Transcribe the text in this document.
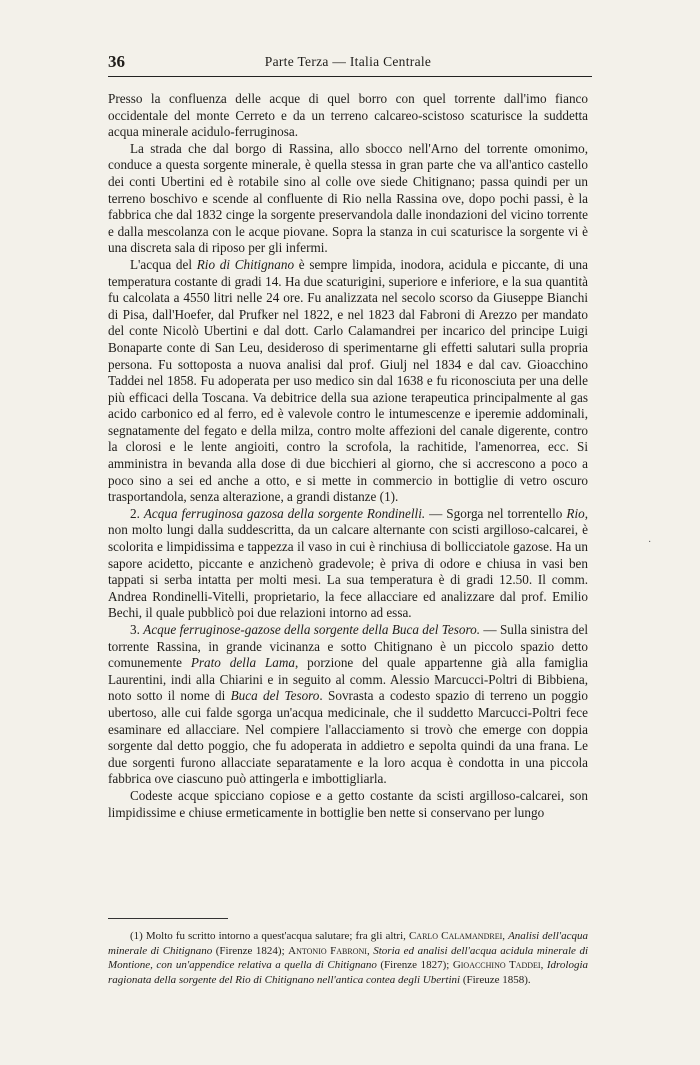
36	Parte Terza — Italia Centrale

Presso la confluenza delle acque di quel borro con quel torrente dall'imo fianco occidentale del monte Cerreto e da un terreno calcareo-scistoso scaturisce la suddetta acqua minerale acidulo-ferruginosa.

La strada che dal borgo di Rassina, allo sbocco nell'Arno del torrente omonimo, conduce a questa sorgente minerale, è quella stessa in gran parte che va all'antico castello dei conti Ubertini ed è rotabile sino al colle ove siede Chitignano; passa quindi per un terreno boschivo e scende al confluente di Rio nella Rassina ove, dopo pochi passi, è la fabbrica che dal 1832 cinge la sorgente preservandola dalle inondazioni del vicino torrente e dalla mescolanza con le acque piovane. Sopra la stanza in cui scaturisce la sorgente vi è una discreta sala di riposo per gli infermi.

L'acqua del Rio di Chitignano è sempre limpida, inodora, acidula e piccante, di una temperatura costante di gradi 14. Ha due scaturigini, superiore e inferiore, e la sua quantità fu calcolata a 4550 litri nelle 24 ore. Fu analizzata nel secolo scorso da Giuseppe Bianchi di Pisa, dall'Hoefer, dal Prufker nel 1822, e nel 1823 dal Fabroni di Arezzo per mandato del conte Nicolò Ubertini e dal dott. Carlo Calamandrei per incarico del principe Luigi Bonaparte conte di San Leu, desideroso di sperimentarne gli effetti salutari sulla propria persona. Fu sottoposta a nuova analisi dal prof. Giulj nel 1834 e dal cav. Gioacchino Taddei nel 1858. Fu adoperata per uso medico sin dal 1638 e fu riconosciuta per una delle più efficaci della Toscana. Va debitrice della sua azione terapeutica principalmente al gas acido carbonico ed al ferro, ed è valevole contro le intumescenze e iperemie addominali, segnatamente del fegato e della milza, contro molte affezioni del canale digerente, contro la clorosi e le lente angioiti, contro la scrofola, la rachitide, l'amenorrea, ecc. Si amministra in bevanda alla dose di due bicchieri al giorno, che si accrescono a poco a poco sino a sei ed anche a otto, e si mette in commercio in bottiglie di vetro oscuro trasportandola, senza alterazione, a grandi distanze (1).

2. Acqua ferruginosa gazosa della sorgente Rondinelli. — Sgorga nel torrentello Rio, non molto lungi dalla suddescritta, da un calcare alternante con scisti argilloso-calcarei, è scolorita e limpidissima e tappezza il vaso in cui è rinchiusa di bollicciatole gazose. Ha un sapore acidetto, piccante e anzichenò gradevole; è priva di odore e chiusa in vasi ben tappati si serba intatta per molti mesi. La sua temperatura è di gradi 12.50. Il comm. Andrea Rondinelli-Vitelli, proprietario, la fece allacciare ed analizzare dal prof. Emilio Bechi, il quale pubblicò poi due relazioni intorno ad essa.

3. Acque ferruginose-gazose della sorgente della Buca del Tesoro. — Sulla sinistra del torrente Rassina, in grande vicinanza e sotto Chitignano è un piccolo spazio detto comunemente Prato della Lama, porzione del quale appartenne già alla famiglia Laurentini, indi alla Chiarini e in seguito al comm. Alessio Marcucci-Poltri di Bibbiena, noto sotto il nome di Buca del Tesoro. Sovrasta a codesto spazio di terreno un poggio ubertoso, alle cui falde sgorga un'acqua medicinale, che il suddetto Marcucci-Poltri fece esaminare ed allacciare. Nel compiere l'allacciamento si trovò che emerge con doppia sorgente dal detto poggio, che fu adoperata in addietro e sepolta quindi da una frana. Le due sorgenti furono allacciate separatamente e la loro acqua è condotta in una piccola fabbrica ove ciascuno può attingerla e imbottigliarla.

Codeste acque spicciano copiose e a getto costante da scisti argilloso-calcarei, son limpidissime e chiuse ermeticamente in bottiglie ben nette si conservano per lungo

·

(1) Molto fu scritto intorno a quest'acqua salutare; fra gli altri, Carlo Calamandrei, Analisi dell'acqua minerale di Chitignano (Firenze 1824); Antonio Fabroni, Storia ed analisi dell'acqua acidula minerale di Montione, con un'appendice relativa a quella di Chitignano (Firenze 1827); Gioacchino Taddei, Idrologia ragionata della sorgente del Rio di Chitignano nell'antica contea degli Ubertini (Fireuze 1858).
